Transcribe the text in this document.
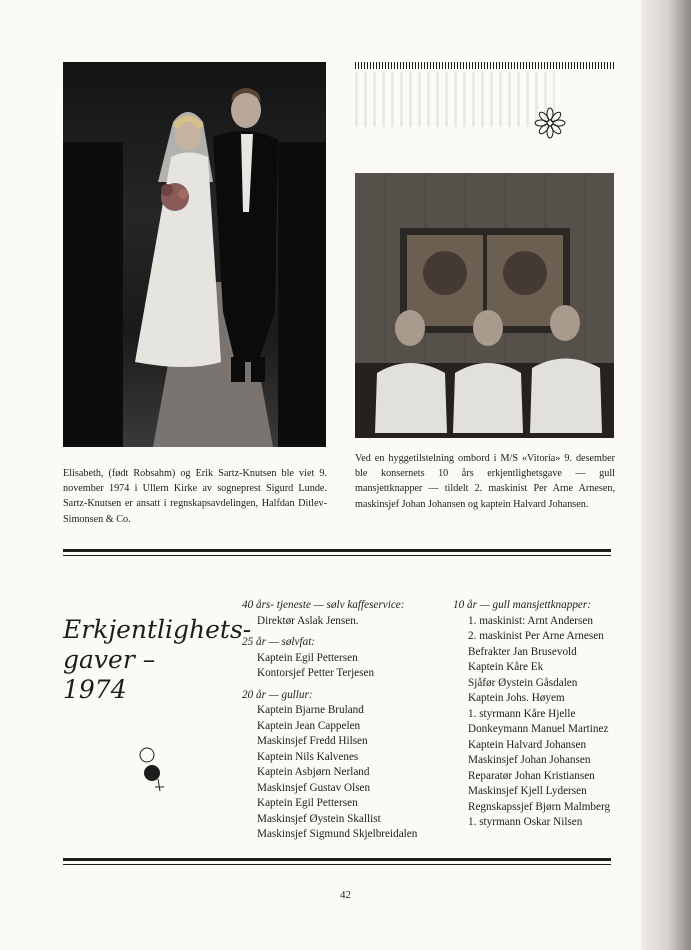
Elisabeth, (født Robsahm) og Erik Sartz-Knutsen ble viet 9. november 1974 i Ullern Kirke av sogneprest Sigurd Lunde. Sartz-Knutsen er ansatt i regnskapsavdelingen, Halfdan Ditlev-Simonsen & Co.

Ved en hyggetilstelning ombord i M/S «Vitoria» 9. desember ble konsernets 10 års erkjentlighetsgave — gull mansjettknapper — tildelt 2. maskinist Per Arne Arnesen, maskinsjef Johan Johansen og kaptein Halvard Johansen.

Erkjentlighets-

gaver –

1974

40 års- tjeneste — sølv kaffeservice:
Direktør Aslak Jensen.
25 år — sølvfat:
Kaptein Egil Pettersen
Kontorsjef Petter Terjesen
20 år — gullur:
Kaptein Bjarne Bruland
Kaptein Jean Cappelen
Maskinsjef Fredd Hilsen
Kaptein Nils Kalvenes
Kaptein Asbjørn Nerland
Maskinsjef Gustav Olsen
Kaptein Egil Pettersen
Maskinsjef Øystein Skallist
Maskinsjef Sigmund Skjelbreidalen
10 år — gull mansjettknapper:
1. maskinist: Arnt Andersen
2. maskinist Per Arne Arnesen
Befrakter Jan Brusevold
Kaptein Kåre Ek
Sjåfør Øystein Gåsdalen
Kaptein Johs. Høyem
1. styrmann Kåre Hjelle
Donkeymann Manuel Martinez
Kaptein Halvard Johansen
Maskinsjef Johan Johansen
Reparatør Johan Kristiansen
Maskinsjef Kjell Lydersen
Regnskapssjef Bjørn Malmberg
1. styrmann Oskar Nilsen
42
